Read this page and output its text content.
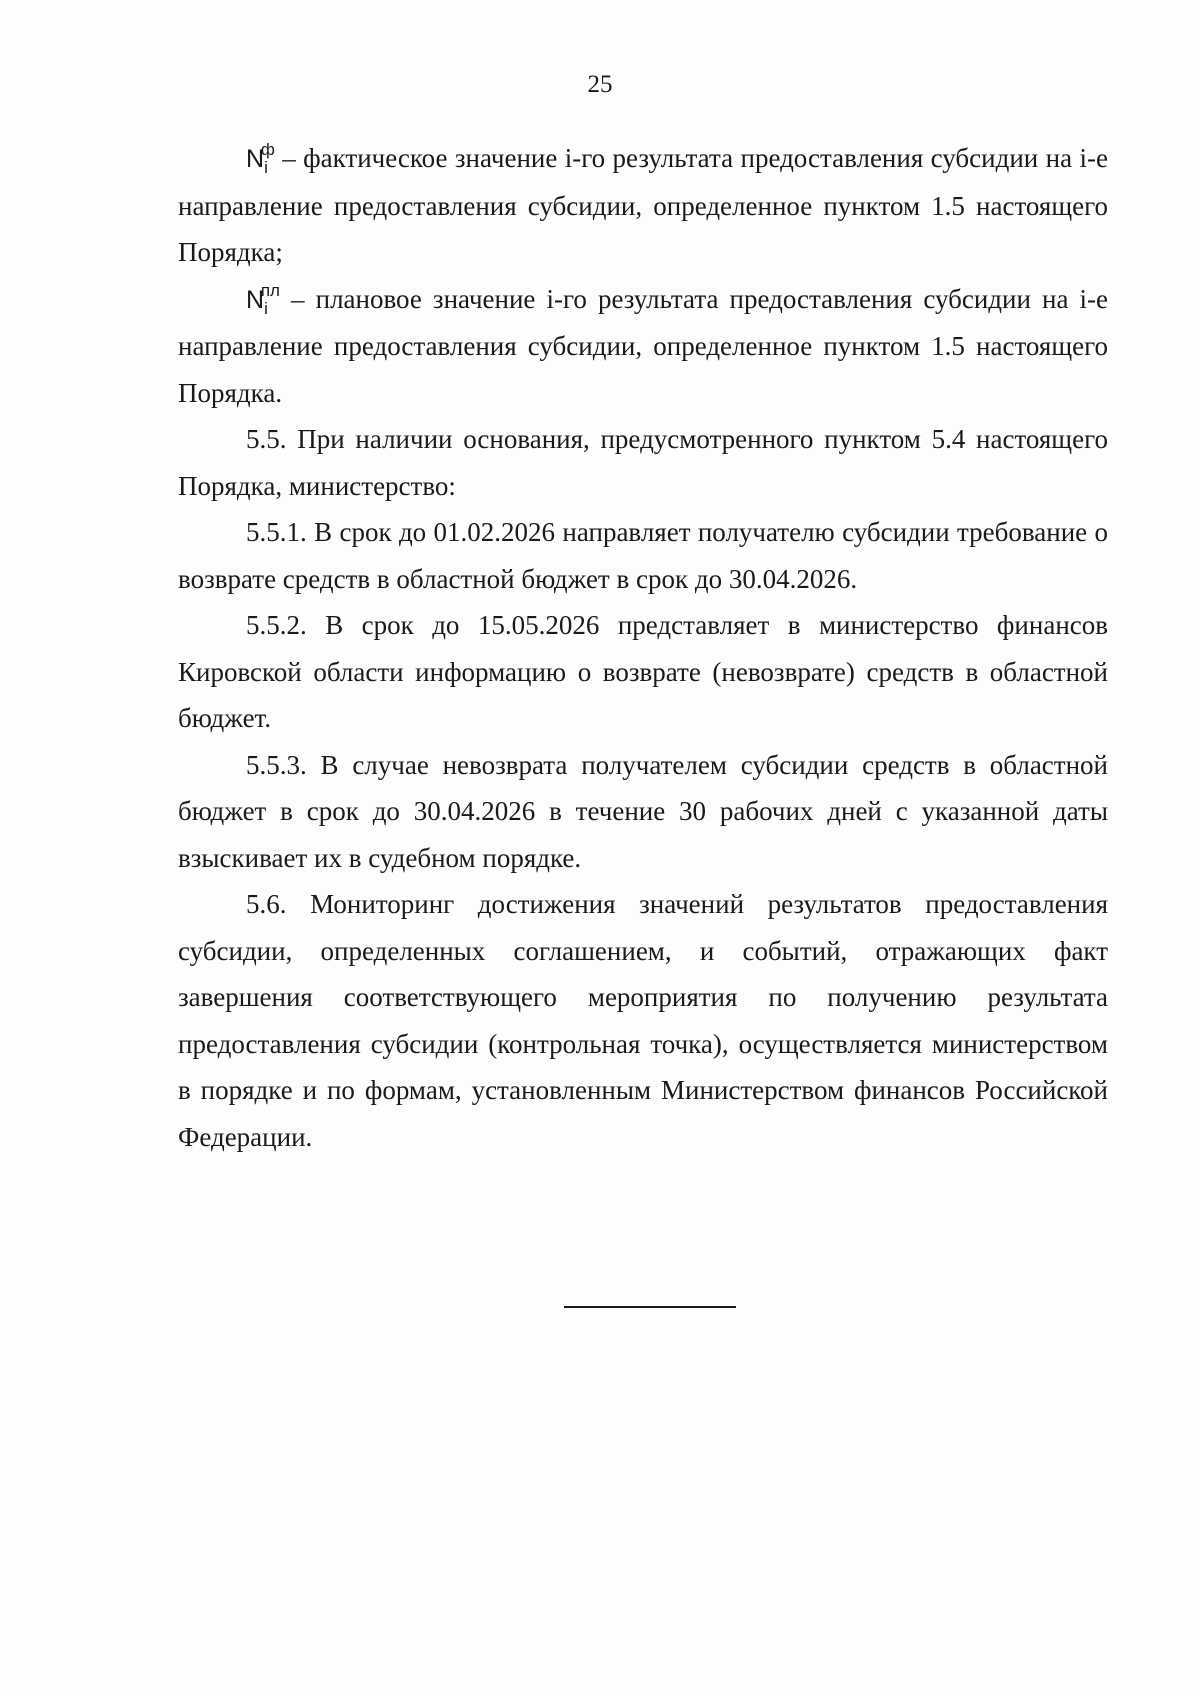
25

$N_i^ф$ – фактическое значение i-го результата предоставления субсидии на i-е направление предоставления субсидии, определенное пунктом 1.5 настоящего Порядка;

$N_i^{пл}$ – плановое значение i-го результата предоставления субсидии на i-е направление предоставления субсидии, определенное пунктом 1.5 настоящего Порядка.

5.5. При наличии основания, предусмотренного пунктом 5.4 настоящего Порядка, министерство:

5.5.1. В срок до 01.02.2026 направляет получателю субсидии требование о возврате средств в областной бюджет в срок до 30.04.2026.

5.5.2. В срок до 15.05.2026 представляет в министерство финансов Кировской области информацию о возврате (невозврате) средств в областной бюджет.

5.5.3. В случае невозврата получателем субсидии средств в областной бюджет в срок до 30.04.2026 в течение 30 рабочих дней с указанной даты взыскивает их в судебном порядке.

5.6. Мониторинг достижения значений результатов предоставления субсидии, определенных соглашением, и событий, отражающих факт завершения соответствующего мероприятия по получению результата предоставления субсидии (контрольная точка), осуществляется министерством в порядке и по формам, установленным Министерством финансов Российской Федерации.
